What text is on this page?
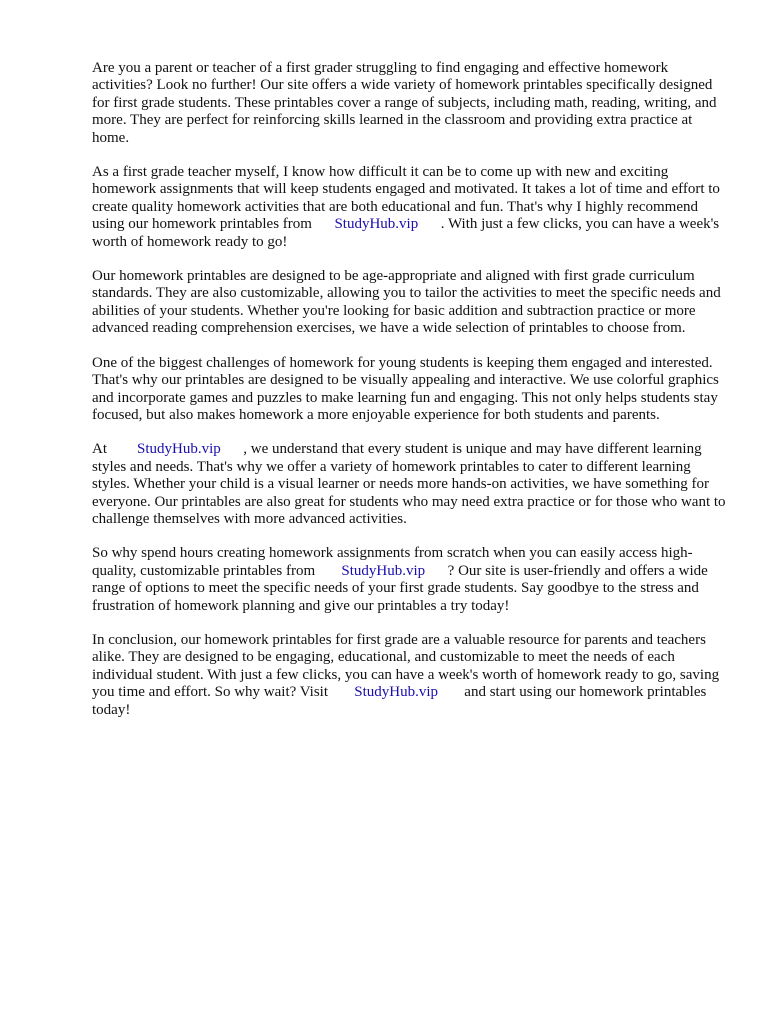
Are you a parent or teacher of a first grader struggling to find engaging and effective homework activities? Look no further! Our site offers a wide variety of homework printables specifically designed for first grade students. These printables cover a range of subjects, including math, reading, writing, and more. They are perfect for reinforcing skills learned in the classroom and providing extra practice at home.

As a first grade teacher myself, I know how difficult it can be to come up with new and exciting homework assignments that will keep students engaged and motivated. It takes a lot of time and effort to create quality homework activities that are both educational and fun. That's why I highly recommend using our homework printables from StudyHub.vip . With just a few clicks, you can have a week's worth of homework ready to go!

Our homework printables are designed to be age-appropriate and aligned with first grade curriculum standards. They are also customizable, allowing you to tailor the activities to meet the specific needs and abilities of your students. Whether you're looking for basic addition and subtraction practice or more advanced reading comprehension exercises, we have a wide selection of printables to choose from.

One of the biggest challenges of homework for young students is keeping them engaged and interested. That's why our printables are designed to be visually appealing and interactive. We use colorful graphics and incorporate games and puzzles to make learning fun and engaging. This not only helps students stay focused, but also makes homework a more enjoyable experience for both students and parents.

At StudyHub.vip , we understand that every student is unique and may have different learning styles and needs. That's why we offer a variety of homework printables to cater to different learning styles. Whether your child is a visual learner or needs more hands-on activities, we have something for everyone. Our printables are also great for students who may need extra practice or for those who want to challenge themselves with more advanced activities.

So why spend hours creating homework assignments from scratch when you can easily access high-quality, customizable printables from StudyHub.vip ? Our site is user-friendly and offers a wide range of options to meet the specific needs of your first grade students. Say goodbye to the stress and frustration of homework planning and give our printables a try today!

In conclusion, our homework printables for first grade are a valuable resource for parents and teachers alike. They are designed to be engaging, educational, and customizable to meet the needs of each individual student. With just a few clicks, you can have a week's worth of homework ready to go, saving you time and effort. So why wait? Visit StudyHub.vip and start using our homework printables today!
